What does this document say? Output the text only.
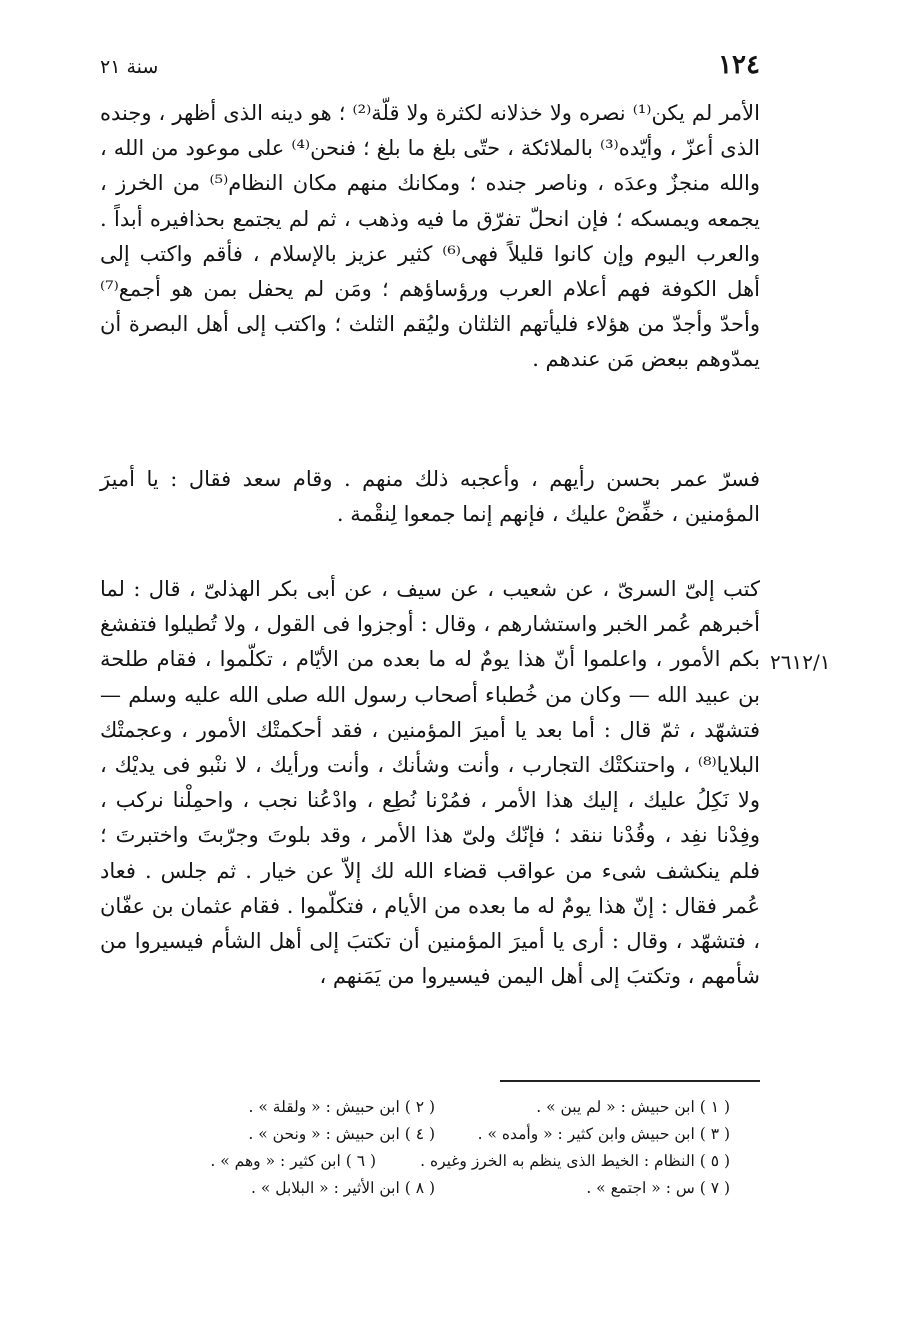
١٢٤
سنة ٢١

الأمر لم يكن⁽¹⁾ نصره ولا خذلانه لكثرة ولا قلّة⁽²⁾ ؛ هو دينه الذى أظهر ، وجنده الذى أعزّ ، وأيّده⁽³⁾ بالملائكة ، حتّى بلغ ما بلغ ؛ فنحن⁽⁴⁾ على موعود من الله ، والله منجزٌ وعدَه ، وناصر جنده ؛ ومكانك منهم مكان النظام⁽⁵⁾ من الخرز ، يجمعه ويمسكه ؛ فإن انحلّ تفرّق ما فيه وذهب ، ثم لم يجتمع بحذافيره أبداً . والعرب اليوم وإن كانوا قليلاً فهى⁽⁶⁾ كثير عزيز بالإسلام ، فأقم واكتب إلى أهل الكوفة فهم أعلام العرب ورؤساؤهم ؛ ومَن لم يحفل بمن هو أجمع⁽⁷⁾ وأحدّ وأجدّ من هؤلاء فليأتهم الثلثان وليُقم الثلث ؛ واكتب إلى أهل البصرة أن يمدّوهم ببعض مَن عندهم .

فسرّ عمر بحسن رأيهم ، وأعجبه ذلك منهم . وقام سعد فقال : يا أميرَ المؤمنين ، خفِّضْ عليك ، فإنهم إنما جمعوا لِنقْمة .

كتب إلىّ السرىّ ، عن شعيب ، عن سيف ، عن أبى بكر الهذلىّ ، قال : لما أخبرهم عُمر الخبر واستشارهم ، وقال : أوجزوا فى القول ، ولا تُطيلوا فتفشغ بكم الأمور ، واعلموا أنّ هذا يومٌ له ما بعده من الأيّام ، تكلّموا ، فقام طلحة بن عبيد الله — وكان من خُطباء أصحاب رسول الله صلى الله عليه وسلم — فتشهّد ، ثمّ قال : أما بعد يا أميرَ المؤمنين ، فقد أحكمتْك الأمور ، وعجمتْك البلايا⁽⁸⁾ ، واحتنكتْك التجارب ، وأنت وشأنك ، وأنت ورأيك ، لا ننْبو فى يديْك ، ولا نَكِلُ عليك ، إليك هذا الأمر ، فمُرْنا نُطِع ، وادْعُنا نجب ، واحمِلْنا نركب ، وفِدْنا نفِد ، وقُدْنا ننقد ؛ فإنّك ولىّ هذا الأمر ، وقد بلوتَ وجرّبتَ واختبرتَ ؛ فلم ينكشف شىء من عواقب قضاء الله لك إلاّ عن خيار . ثم جلس . فعاد عُمر فقال : إنّ هذا يومٌ له ما بعده من الأيام ، فتكلّموا . فقام عثمان بن عفّان ، فتشهّد ، وقال : أرى يا أميرَ المؤمنين أن تكتبَ إلى أهل الشأم فيسيروا من شأمهم ، وتكتبَ إلى أهل اليمن فيسيروا من يَمَنهم ،

٢٦١٢/١
( ١ ) ابن حبيش : « لم يبن » .
( ٢ ) ابن حبيش : « ولقلة » .
( ٣ ) ابن حبيش وابن كثير : « وأمده » .
( ٤ ) ابن حبيش : « ونحن » .
( ٥ ) النظام : الخيط الذى ينظم به الخرز وغيره .
( ٦ ) ابن كثير : « وهم » .
( ٧ ) س : « اجتمع » .
( ٨ ) ابن الأثير : « البلابل » .
